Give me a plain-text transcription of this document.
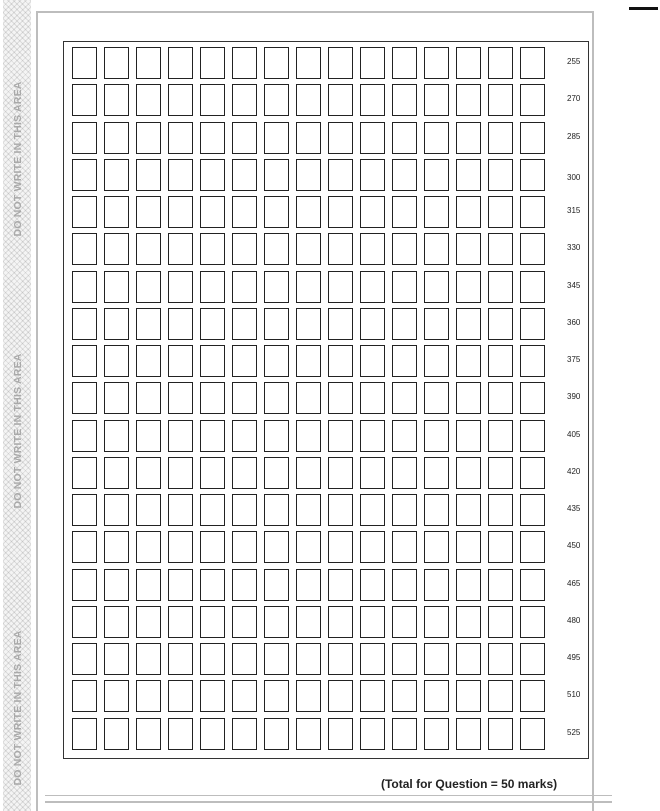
DO NOT WRITE IN THIS AREA
DO NOT WRITE IN THIS AREA
DO NOT WRITE IN THIS AREA
255
270
285
300
315
330
345
360
375
390
405
420
435
450
465
480
495
510
525
(Total for Question = 50 marks)
